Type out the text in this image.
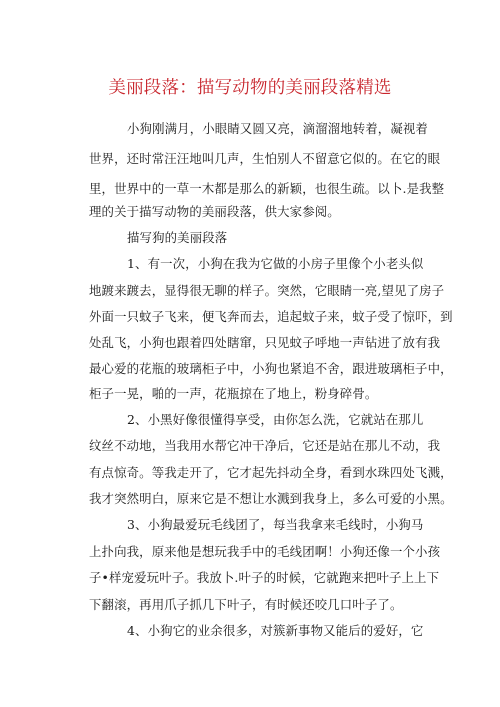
美丽段落：描写动物的美丽段落精选
小狗刚满月，小眼睛又圆又亮，滴溜溜地转着，凝视着
世界，还时常汪汪地叫几声，生怕别人不留意它似的。在它的眼
里，世界中的一草一木都是那么的新颖，也很生疏。以卜.是我整
理的关于描写动物的美丽段落，供大家参阅。
描写狗的美丽段落
1、有一次，小狗在我为它做的小房子里像个小老头似
地踱来踱去，显得很无聊的样子。突然，它眼睛一亮,望见了房子
外面一只蚊子飞来，便飞奔而去，追起蚊子来，蚊子受了惊吓，到
处乱飞，小狗也跟着四处瞎窜，只见蚊子呼地一声钻进了放有我
最心爱的花瓶的玻璃柜子中，小狗也紧追不舍，跟进玻璃柜子中，
柜子一晃，啪的一声，花瓶掠在了地上，粉身碎骨。
2、小黑好像很懂得享受，由你怎么洗，它就站在那儿
纹丝不动地，当我用水帮它冲干净后，它还是站在那儿不动，我
有点惊奇。等我走开了，它才起先抖动全身，看到水珠四处飞溅，
我才突然明白，原来它是不想让水溅到我身上，多么可爱的小黑。
3、小狗最爱玩毛线团了，每当我拿来毛线时，小狗马
上扑向我，原来他是想玩我手中的毛线团啊！小狗还像一个小孩
子•样宠爱玩叶子。我放卜.叶子的时候，它就跑来把叶子上上下
下翻滚，再用爪子抓几下叶子，有时候还咬几口叶子了。
4、小狗它的业余很多，对簇新事物又能后的爱好，它
